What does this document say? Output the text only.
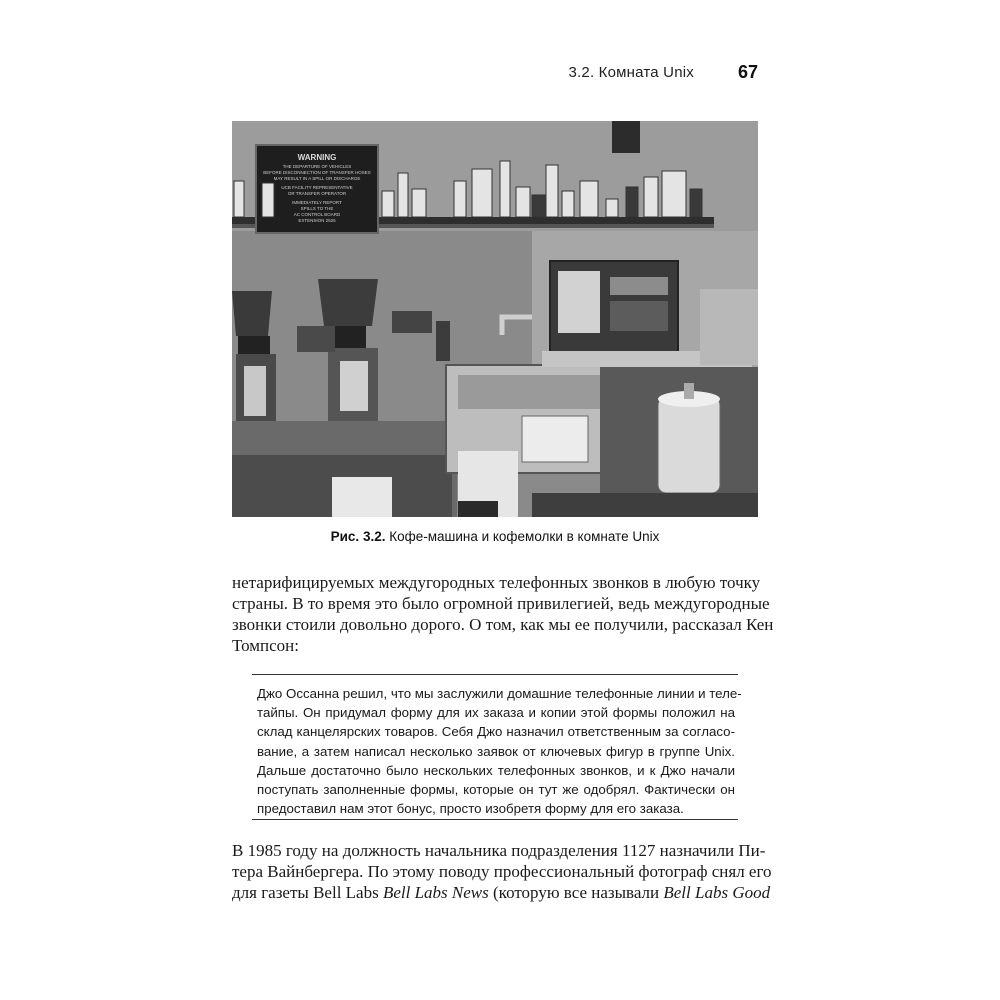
3.2. Комната Unix 67
WARNING
THE DEPARTURE OF VEHICLES
BEFORE DISCONNECTION OF TRANSFER HOSES
MAY RESULT IN A SPILL OR DISCHARGE
UCB FACILITY REPRESENTATIVE
OR TRANSFER OPERATOR
IMMEDIATELY REPORT
SPILLS TO THE
AC CONTROL BOARD
EXTENSION 2525
Рис. 3.2. Кофе-машина и кофемолки в комнате Unix
нетарифицируемых междугородных телефонных звонков в любую точку
страны. В то время это было огромной привилегией, ведь междугородные
звонки стоили довольно дорого. О том, как мы ее получили, рассказал Кен
Томпсон:
Джо Оссанна решил, что мы заслужили домашние телефонные линии и теле-
тайпы. Он придумал форму для их заказа и копии этой формы положил на
склад канцелярских товаров. Себя Джо назначил ответственным за согласо-
вание, а затем написал несколько заявок от ключевых фигур в группе Unix.
Дальше достаточно было нескольких телефонных звонков, и к Джо начали
поступать заполненные формы, которые он тут же одобрял. Фактически он
предоставил нам этот бонус, просто изобретя форму для его заказа.
В 1985 году на должность начальника подразделения 1127 назначили Пи-
тера Вайнбергера. По этому поводу профессиональный фотограф снял его
для газеты Bell Labs Bell Labs News (которую все называли Bell Labs Good
